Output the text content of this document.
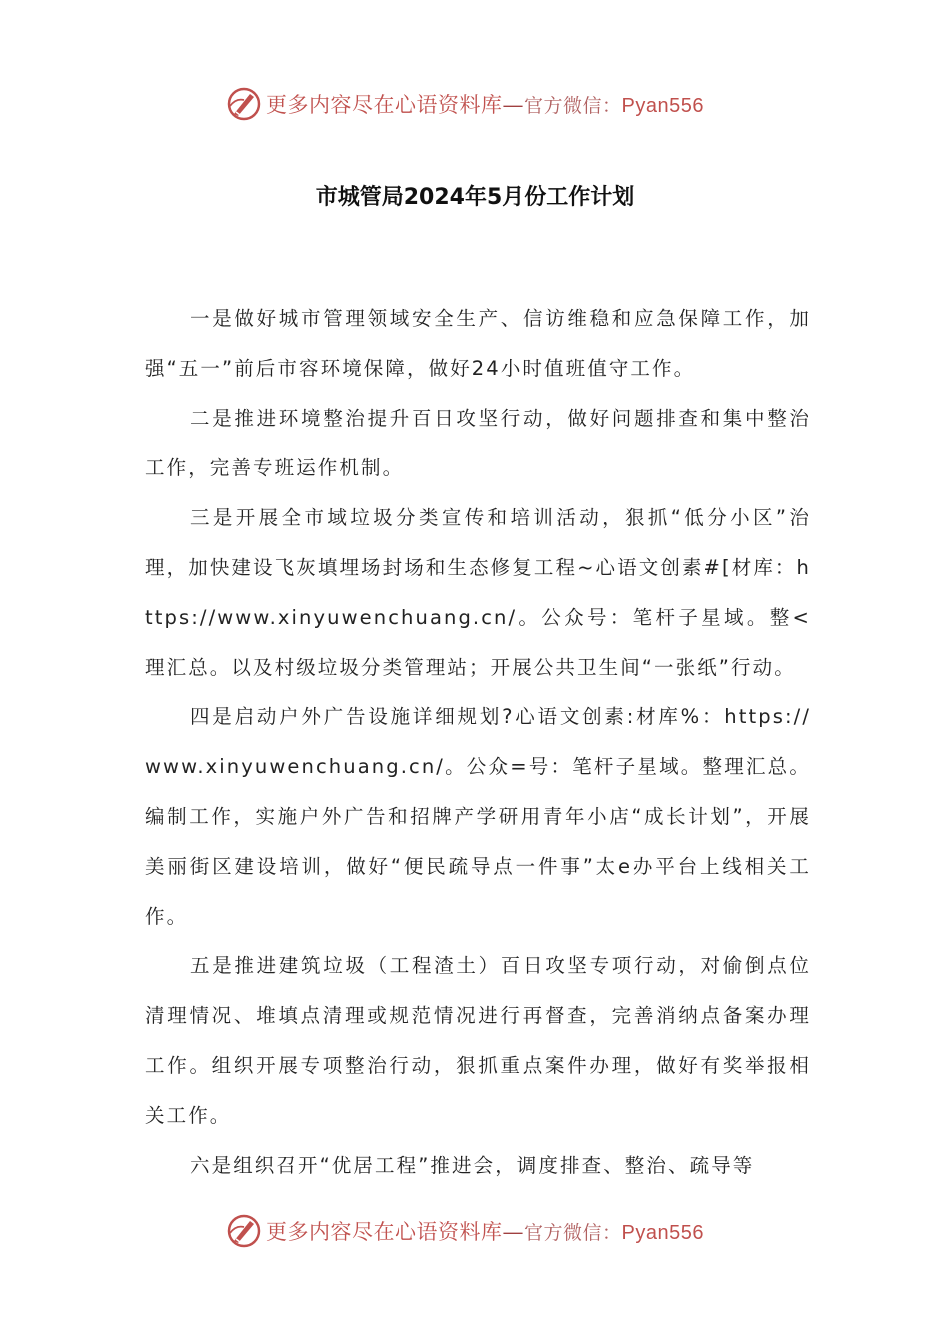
更多内容尽在心语资料库—官方微信：Pyan556
市城管局2024年5月份工作计划

一是做好城市管理领域安全生产、信访维稳和应急保障工作，加强“五一”前后市容环境保障，做好24小时值班值守工作。

二是推进环境整治提升百日攻坚行动，做好问题排查和集中整治工作，完善专班运作机制。

三是开展全市域垃圾分类宣传和培训活动，狠抓“低分小区”治理，加快建设飞灰填埋场封场和生态修复工程~心语文创素#[材库：https://www.xinyuwenchuang.cn/。公众号：笔杆子星域。整<理汇总。以及村级垃圾分类管理站；开展公共卫生间“一张纸”行动。

四是启动户外广告设施详细规划?心语文创素:材库%：https://www.xinyuwenchuang.cn/。公众=号：笔杆子星域。整理汇总。编制工作，实施户外广告和招牌产学研用青年小店“成长计划”，开展美丽街区建设培训，做好“便民疏导点一件事”太e办平台上线相关工作。

五是推进建筑垃圾（工程渣土）百日攻坚专项行动，对偷倒点位清理情况、堆填点清理或规范情况进行再督查，完善消纳点备案办理工作。组织开展专项整治行动，狠抓重点案件办理，做好有奖举报相关工作。

六是组织召开“优居工程”推进会，调度排查、整治、疏导等

更多内容尽在心语资料库—官方微信：Pyan556
